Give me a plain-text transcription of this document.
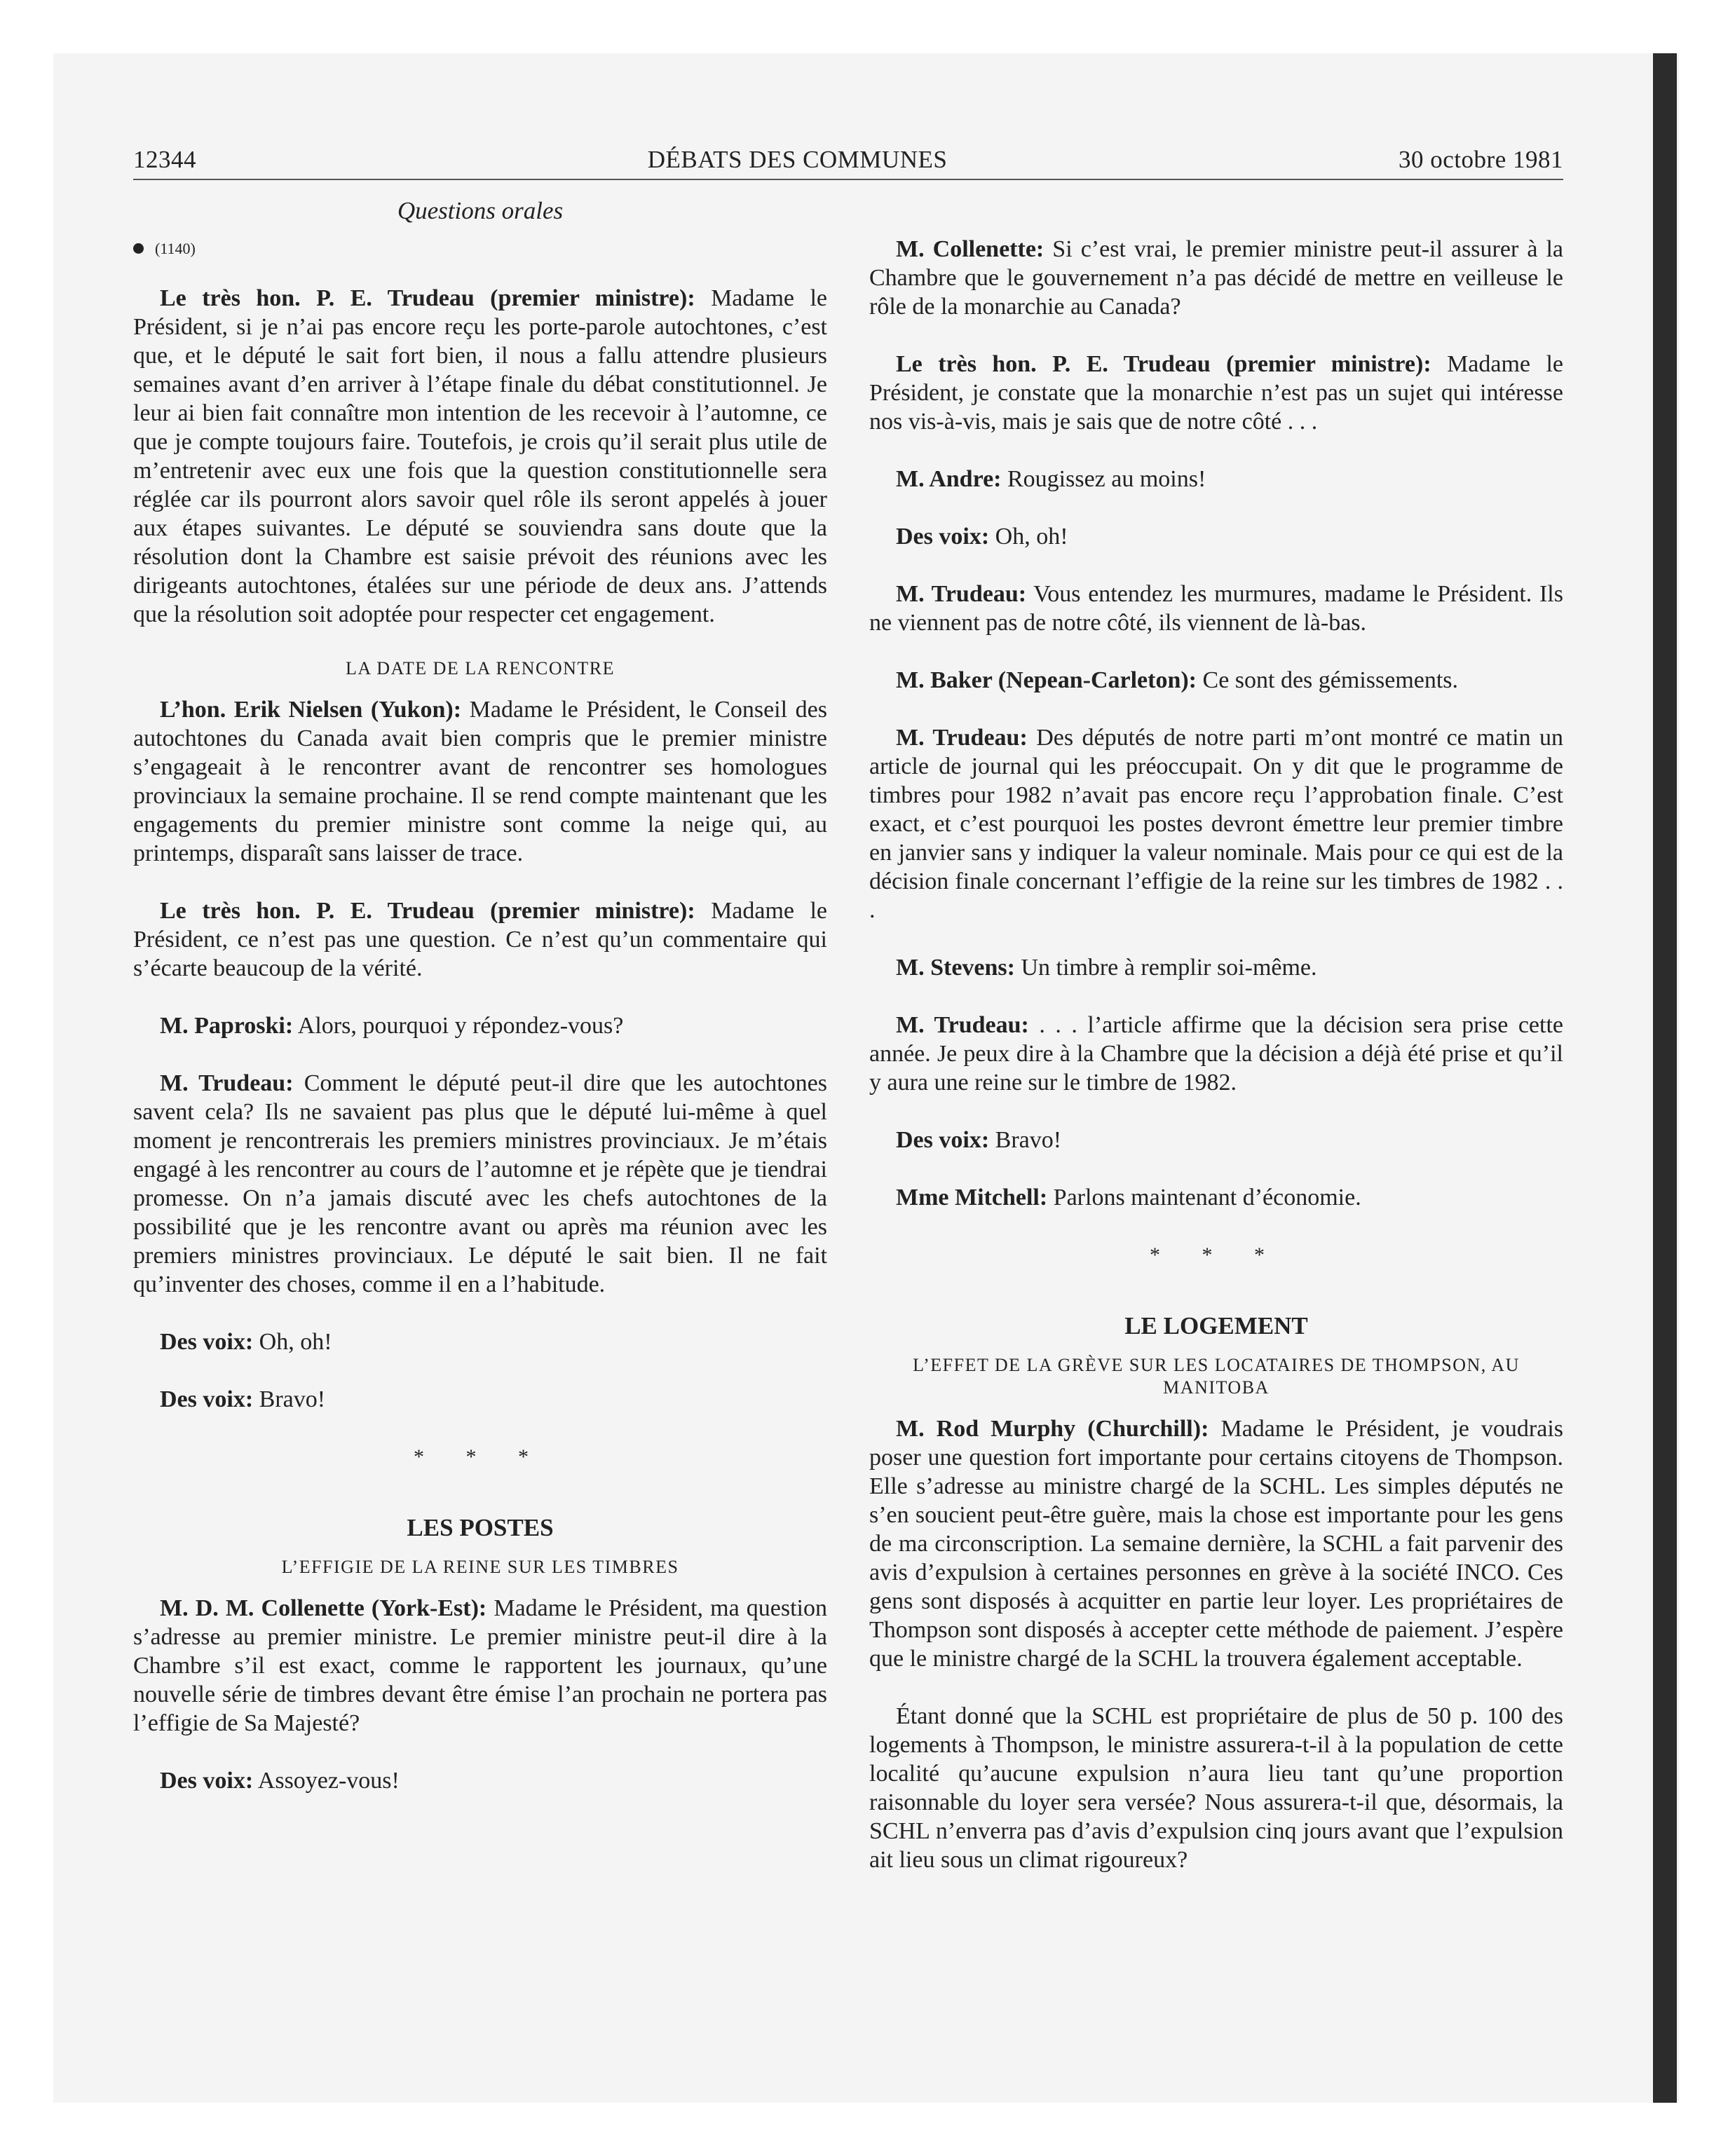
12344	DÉBATS DES COMMUNES	30 octobre 1981
Questions orales
(1140)

Le très hon. P. E. Trudeau (premier ministre): Madame le Président, si je n’ai pas encore reçu les porte-parole autochtones, c’est que, et le député le sait fort bien, il nous a fallu attendre plusieurs semaines avant d’en arriver à l’étape finale du débat constitutionnel. Je leur ai bien fait connaître mon intention de les recevoir à l’automne, ce que je compte toujours faire. Toutefois, je crois qu’il serait plus utile de m’entretenir avec eux une fois que la question constitutionnelle sera réglée car ils pourront alors savoir quel rôle ils seront appelés à jouer aux étapes suivantes. Le député se souviendra sans doute que la résolution dont la Chambre est saisie prévoit des réunions avec les dirigeants autochtones, étalées sur une période de deux ans. J’attends que la résolution soit adoptée pour respecter cet engagement.

LA DATE DE LA RENCONTRE

L’hon. Erik Nielsen (Yukon): Madame le Président, le Conseil des autochtones du Canada avait bien compris que le premier ministre s’engageait à le rencontrer avant de rencontrer ses homologues provinciaux la semaine prochaine. Il se rend compte maintenant que les engagements du premier ministre sont comme la neige qui, au printemps, disparaît sans laisser de trace.

Le très hon. P. E. Trudeau (premier ministre): Madame le Président, ce n’est pas une question. Ce n’est qu’un commentaire qui s’écarte beaucoup de la vérité.

M. Paproski: Alors, pourquoi y répondez-vous?

M. Trudeau: Comment le député peut-il dire que les autochtones savent cela? Ils ne savaient pas plus que le député lui-même à quel moment je rencontrerais les premiers ministres provinciaux. Je m’étais engagé à les rencontrer au cours de l’automne et je répète que je tiendrai promesse. On n’a jamais discuté avec les chefs autochtones de la possibilité que je les rencontre avant ou après ma réunion avec les premiers ministres provinciaux. Le député le sait bien. Il ne fait qu’inventer des choses, comme il en a l’habitude.

Des voix: Oh, oh!

Des voix: Bravo!

* * *
LES POSTES
L’EFFIGIE DE LA REINE SUR LES TIMBRES

M. D. M. Collenette (York-Est): Madame le Président, ma question s’adresse au premier ministre. Le premier ministre peut-il dire à la Chambre s’il est exact, comme le rapportent les journaux, qu’une nouvelle série de timbres devant être émise l’an prochain ne portera pas l’effigie de Sa Majesté?

Des voix: Assoyez-vous!

M. Collenette: Si c’est vrai, le premier ministre peut-il assurer à la Chambre que le gouvernement n’a pas décidé de mettre en veilleuse le rôle de la monarchie au Canada?

Le très hon. P. E. Trudeau (premier ministre): Madame le Président, je constate que la monarchie n’est pas un sujet qui intéresse nos vis-à-vis, mais je sais que de notre côté . . .

M. Andre: Rougissez au moins!

Des voix: Oh, oh!

M. Trudeau: Vous entendez les murmures, madame le Président. Ils ne viennent pas de notre côté, ils viennent de là-bas.

M. Baker (Nepean-Carleton): Ce sont des gémissements.

M. Trudeau: Des députés de notre parti m’ont montré ce matin un article de journal qui les préoccupait. On y dit que le programme de timbres pour 1982 n’avait pas encore reçu l’approbation finale. C’est exact, et c’est pourquoi les postes devront émettre leur premier timbre en janvier sans y indiquer la valeur nominale. Mais pour ce qui est de la décision finale concernant l’effigie de la reine sur les timbres de 1982 . . .

M. Stevens: Un timbre à remplir soi-même.

M. Trudeau: . . . l’article affirme que la décision sera prise cette année. Je peux dire à la Chambre que la décision a déjà été prise et qu’il y aura une reine sur le timbre de 1982.

Des voix: Bravo!

Mme Mitchell: Parlons maintenant d’économie.

* * *
LE LOGEMENT
L’EFFET DE LA GRÈVE SUR LES LOCATAIRES DE THOMPSON, AU MANITOBA

M. Rod Murphy (Churchill): Madame le Président, je voudrais poser une question fort importante pour certains citoyens de Thompson. Elle s’adresse au ministre chargé de la SCHL. Les simples députés ne s’en soucient peut-être guère, mais la chose est importante pour les gens de ma circonscription. La semaine dernière, la SCHL a fait parvenir des avis d’expulsion à certaines personnes en grève à la société INCO. Ces gens sont disposés à acquitter en partie leur loyer. Les propriétaires de Thompson sont disposés à accepter cette méthode de paiement. J’espère que le ministre chargé de la SCHL la trouvera également acceptable.

Étant donné que la SCHL est propriétaire de plus de 50 p. 100 des logements à Thompson, le ministre assurera-t-il à la population de cette localité qu’aucune expulsion n’aura lieu tant qu’une proportion raisonnable du loyer sera versée? Nous assurera-t-il que, désormais, la SCHL n’enverra pas d’avis d’expulsion cinq jours avant que l’expulsion ait lieu sous un climat rigoureux?
